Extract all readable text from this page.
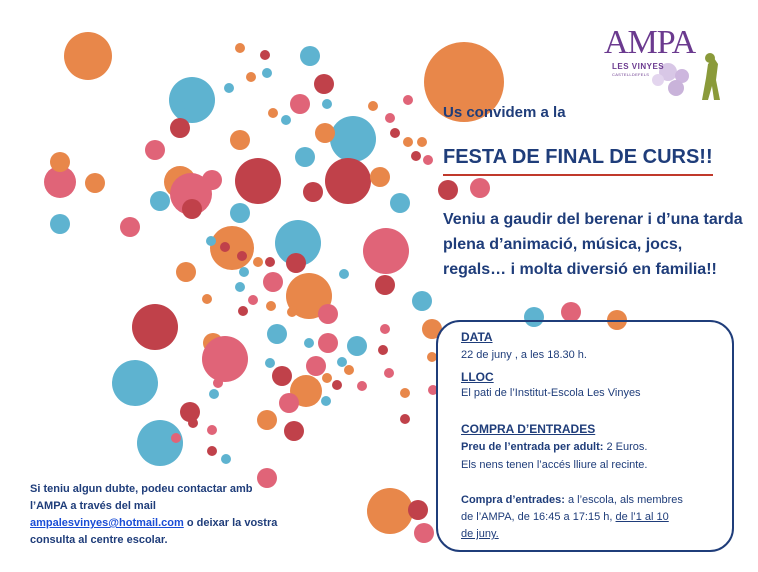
AMPA
LES VINYES
CASTELLDEFELS
Us convidem a la
FESTA DE FINAL DE CURS!!
Veniu a gaudir del berenar i d’una tarda plena d’animació, música, jocs, regals… i molta diversió en familia!!
DATA
22 de juny , a les 18.30 h.
LLOC
El pati de l’Institut-Escola Les Vinyes
COMPRA D’ENTRADES
Preu de l’entrada per adult: 2 Euros.
Els nens tenen l’accés lliure al recinte.
Compra d’entrades: a l’escola, als membres
de l’AMPA, de 16:45 a 17:15 h, de l’1 al 10
de juny.
Si teniu algun dubte, podeu contactar amb
l’AMPA a través del mail
ampalesvinyes@hotmail.com o deixar la vostra
consulta al centre escolar.
